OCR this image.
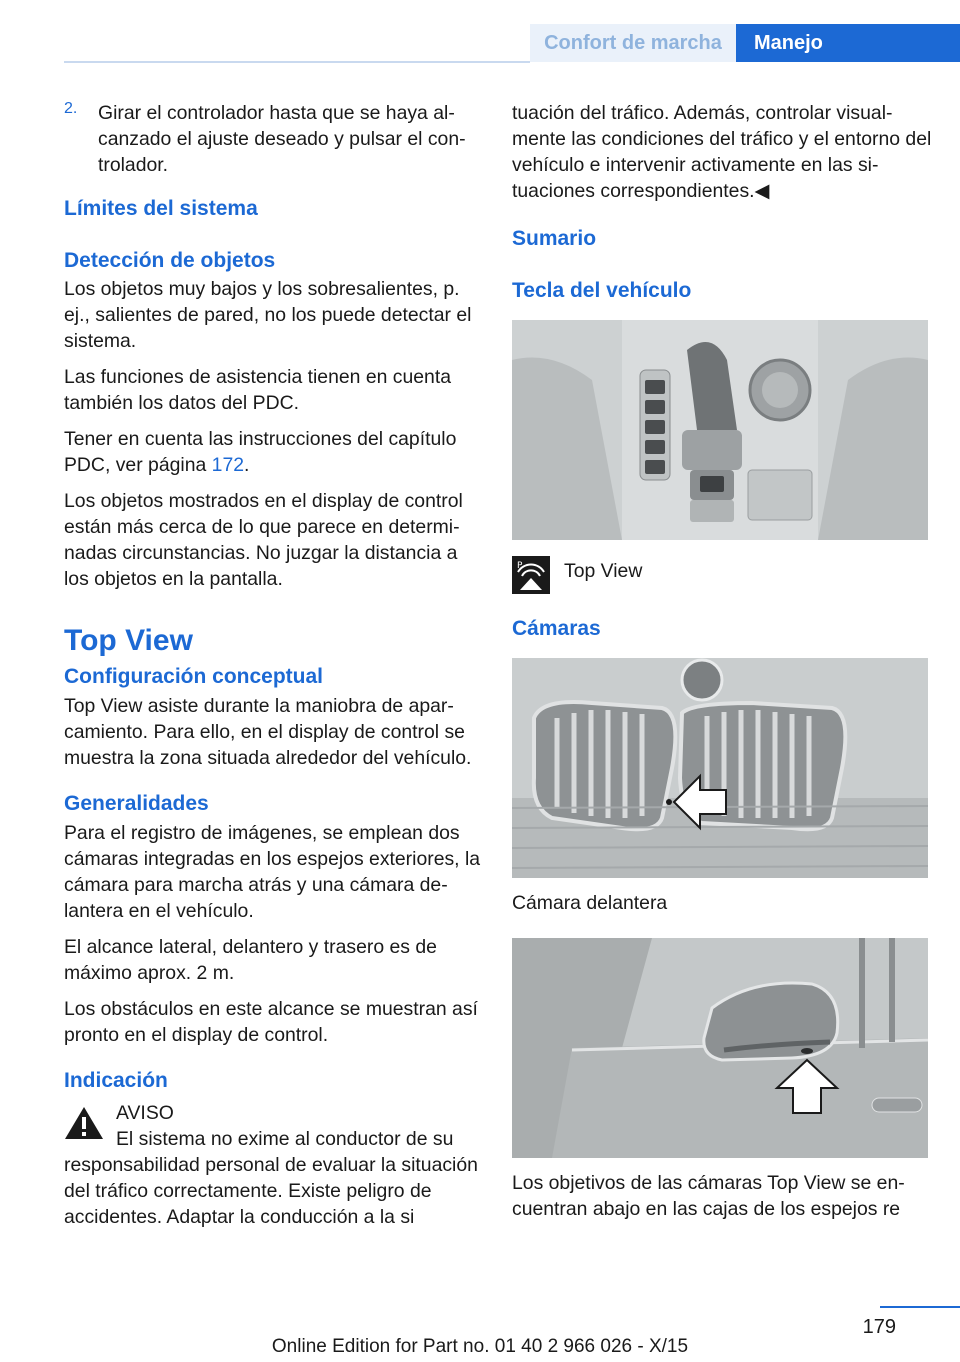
Confort de marcha	Manejo
2. Girar el controlador hasta que se haya alcanzado el ajuste deseado y pulsar el controlador.

Límites del sistema

Detección de objetos

Los objetos muy bajos y los sobresalientes, p. ej., salientes de pared, no los puede detectar el sistema.

Las funciones de asistencia tienen en cuenta también los datos del PDC.

Tener en cuenta las instrucciones del capítulo PDC, ver página 172.

Los objetos mostrados en el display de control están más cerca de lo que parece en determinadas circunstancias. No juzgar la distancia a los objetos en la pantalla.

Top View

Configuración conceptual

Top View asiste durante la maniobra de aparcamiento. Para ello, en el display de control se muestra la zona situada alrededor del vehículo.

Generalidades

Para el registro de imágenes, se emplean dos cámaras integradas en los espejos exteriores, la cámara para marcha atrás y una cámara delantera en el vehículo.

El alcance lateral, delantero y trasero es de máximo aprox. 2 m.

Los obstáculos en este alcance se muestran así pronto en el display de control.

Indicación

AVISO

El sistema no exime al conductor de su

responsabilidad personal de evaluar la situación del tráfico correctamente. Existe peligro de accidentes. Adaptar la conducción a la si

tuación del tráfico. Además, controlar visualmente las condiciones del tráfico y el entorno del vehículo e intervenir activamente en las situaciones correspondientes.◀

Sumario

Tecla del vehículo

P Top View

Cámaras

Cámara delantera

Los objetivos de las cámaras Top View se encuentran abajo en las cajas de los espejos re

179
Online Edition for Part no. 01 40 2 966 026 - X/15
